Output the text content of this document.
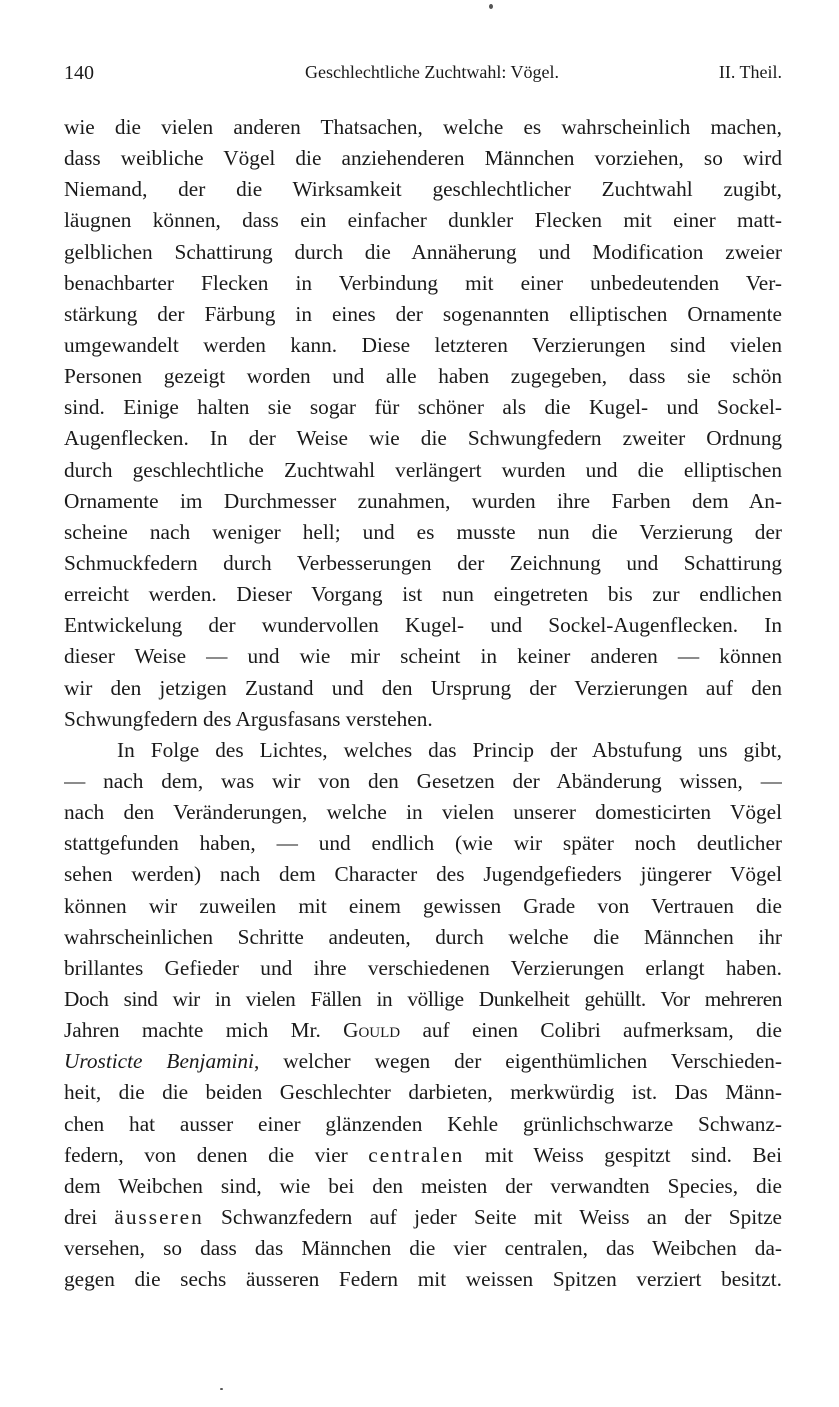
140	Geschlechtliche Zuchtwahl: Vögel.	II. Theil.
wie die vielen anderen Thatsachen, welche es wahrscheinlich machen,
dass weibliche Vögel die anziehenderen Männchen vorziehen, so wird
Niemand, der die Wirksamkeit geschlechtlicher Zuchtwahl zugibt,
läugnen können, dass ein einfacher dunkler Flecken mit einer matt-
gelblichen Schattirung durch die Annäherung und Modification zweier
benachbarter Flecken in Verbindung mit einer unbedeutenden Ver-
stärkung der Färbung in eines der sogenannten elliptischen Ornamente
umgewandelt werden kann. Diese letzteren Verzierungen sind vielen
Personen gezeigt worden und alle haben zugegeben, dass sie schön
sind. Einige halten sie sogar für schöner als die Kugel- und Sockel-
Augenflecken. In der Weise wie die Schwungfedern zweiter Ordnung
durch geschlechtliche Zuchtwahl verlängert wurden und die elliptischen
Ornamente im Durchmesser zunahmen, wurden ihre Farben dem An-
scheine nach weniger hell; und es musste nun die Verzierung der
Schmuckfedern durch Verbesserungen der Zeichnung und Schattirung
erreicht werden. Dieser Vorgang ist nun eingetreten bis zur endlichen
Entwickelung der wundervollen Kugel- und Sockel-Augenflecken. In
dieser Weise — und wie mir scheint in keiner anderen — können
wir den jetzigen Zustand und den Ursprung der Verzierungen auf den
Schwungfedern des Argusfasans verstehen.
In Folge des Lichtes, welches das Princip der Abstufung uns gibt,
— nach dem, was wir von den Gesetzen der Abänderung wissen, —
nach den Veränderungen, welche in vielen unserer domesticirten Vögel
stattgefunden haben, — und endlich (wie wir später noch deutlicher
sehen werden) nach dem Character des Jugendgefieders jüngerer Vögel
können wir zuweilen mit einem gewissen Grade von Vertrauen die
wahrscheinlichen Schritte andeuten, durch welche die Männchen ihr
brillantes Gefieder und ihre verschiedenen Verzierungen erlangt haben.
Doch sind wir in vielen Fällen in völlige Dunkelheit gehüllt. Vor mehreren
Jahren machte mich Mr. Gould auf einen Colibri aufmerksam, die
Urosticte Benjamini, welcher wegen der eigenthümlichen Verschieden-
heit, die die beiden Geschlechter darbieten, merkwürdig ist. Das Männ-
chen hat ausser einer glänzenden Kehle grünlichschwarze Schwanz-
federn, von denen die vier centralen mit Weiss gespitzt sind. Bei
dem Weibchen sind, wie bei den meisten der verwandten Species, die
drei äusseren Schwanzfedern auf jeder Seite mit Weiss an der Spitze
versehen, so dass das Männchen die vier centralen, das Weibchen da-
gegen die sechs äusseren Federn mit weissen Spitzen verziert besitzt.
